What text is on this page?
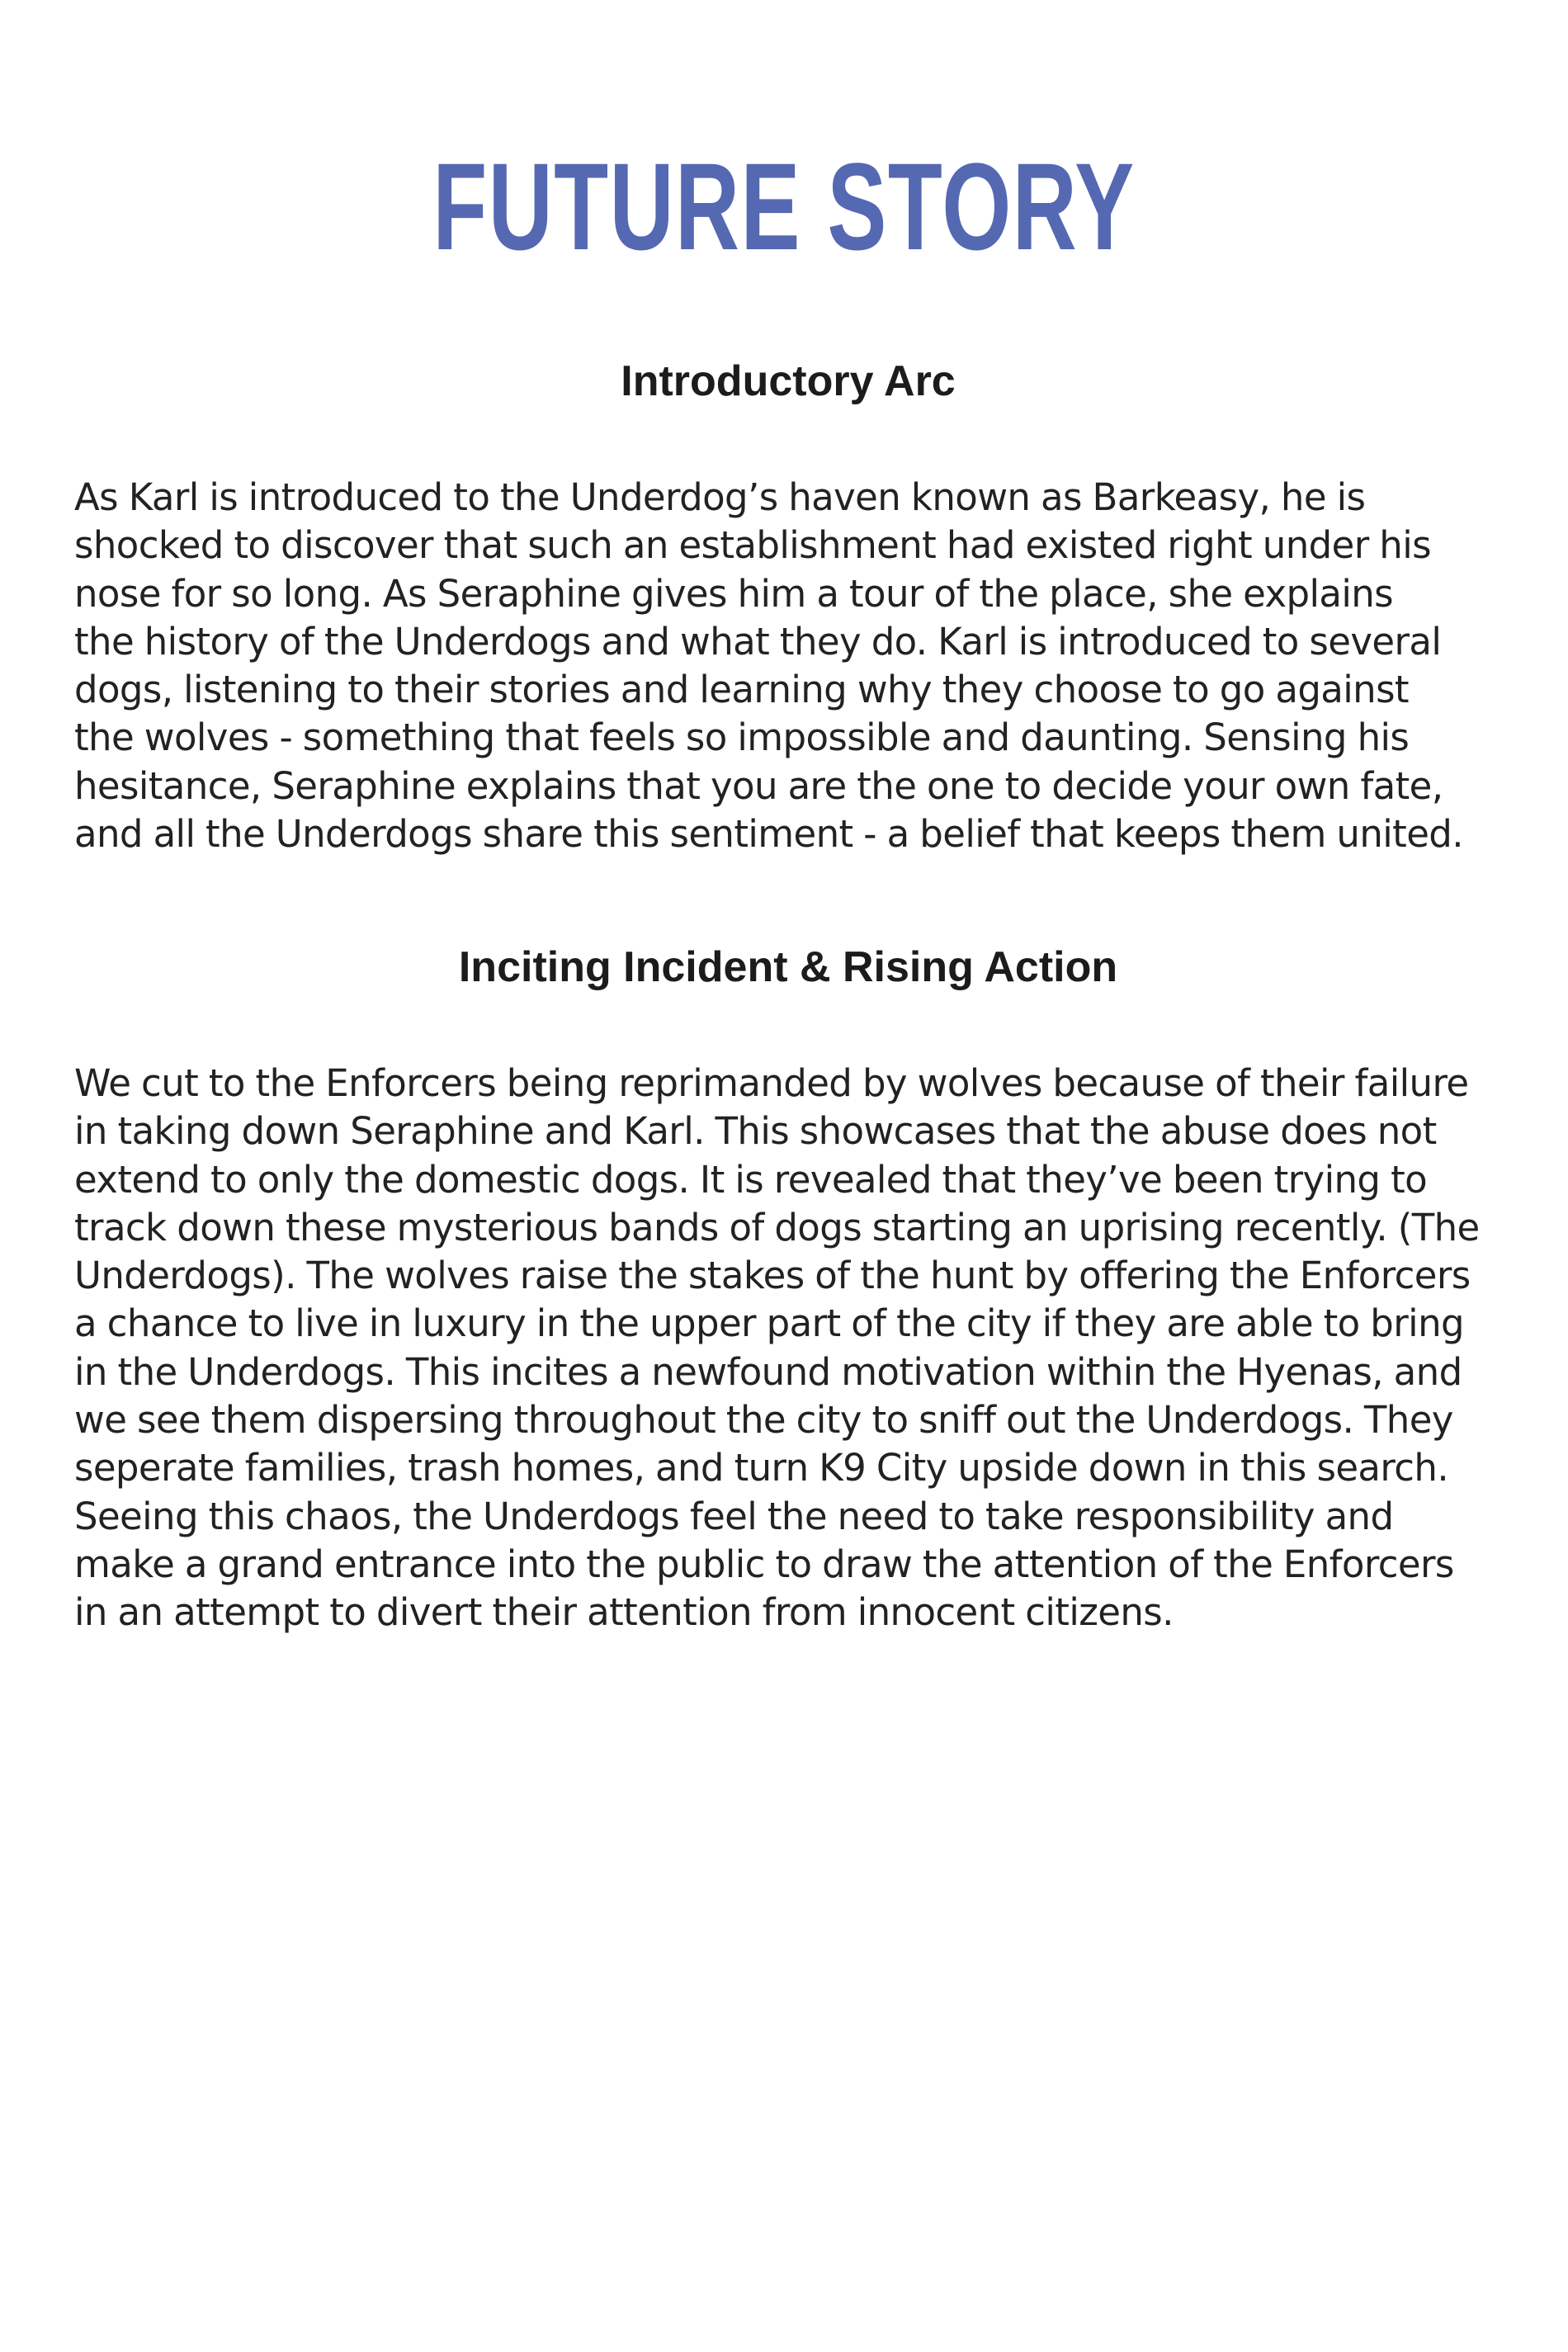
FUTURE STORY
Introductory Arc

As Karl is introduced to the Underdog’s haven known as Barkeasy, he is
shocked to discover that such an establishment had existed right under his
nose for so long. As Seraphine gives him a tour of the place, she explains
the history of the Underdogs and what they do. Karl is introduced to several
dogs, listening to their stories and learning why they choose to go against
the wolves - something that feels so impossible and daunting. Sensing his
hesitance, Seraphine explains that you are the one to decide your own fate,
and all the Underdogs share this sentiment - a belief that keeps them united.

Inciting Incident & Rising Action

We cut to the Enforcers being reprimanded by wolves because of their failure
in taking down Seraphine and Karl. This showcases that the abuse does not
extend to only the domestic dogs. It is revealed that they’ve been trying to
track down these mysterious bands of dogs starting an uprising recently. (The
Underdogs). The wolves raise the stakes of the hunt by offering the Enforcers
a chance to live in luxury in the upper part of the city if they are able to bring
in the Underdogs. This incites a newfound motivation within the Hyenas, and
we see them dispersing throughout the city to sniff out the Underdogs. They
seperate families, trash homes, and turn K9 City upside down in this search.
Seeing this chaos, the Underdogs feel the need to take responsibility and
make a grand entrance into the public to draw the attention of the Enforcers
in an attempt to divert their attention from innocent citizens.
